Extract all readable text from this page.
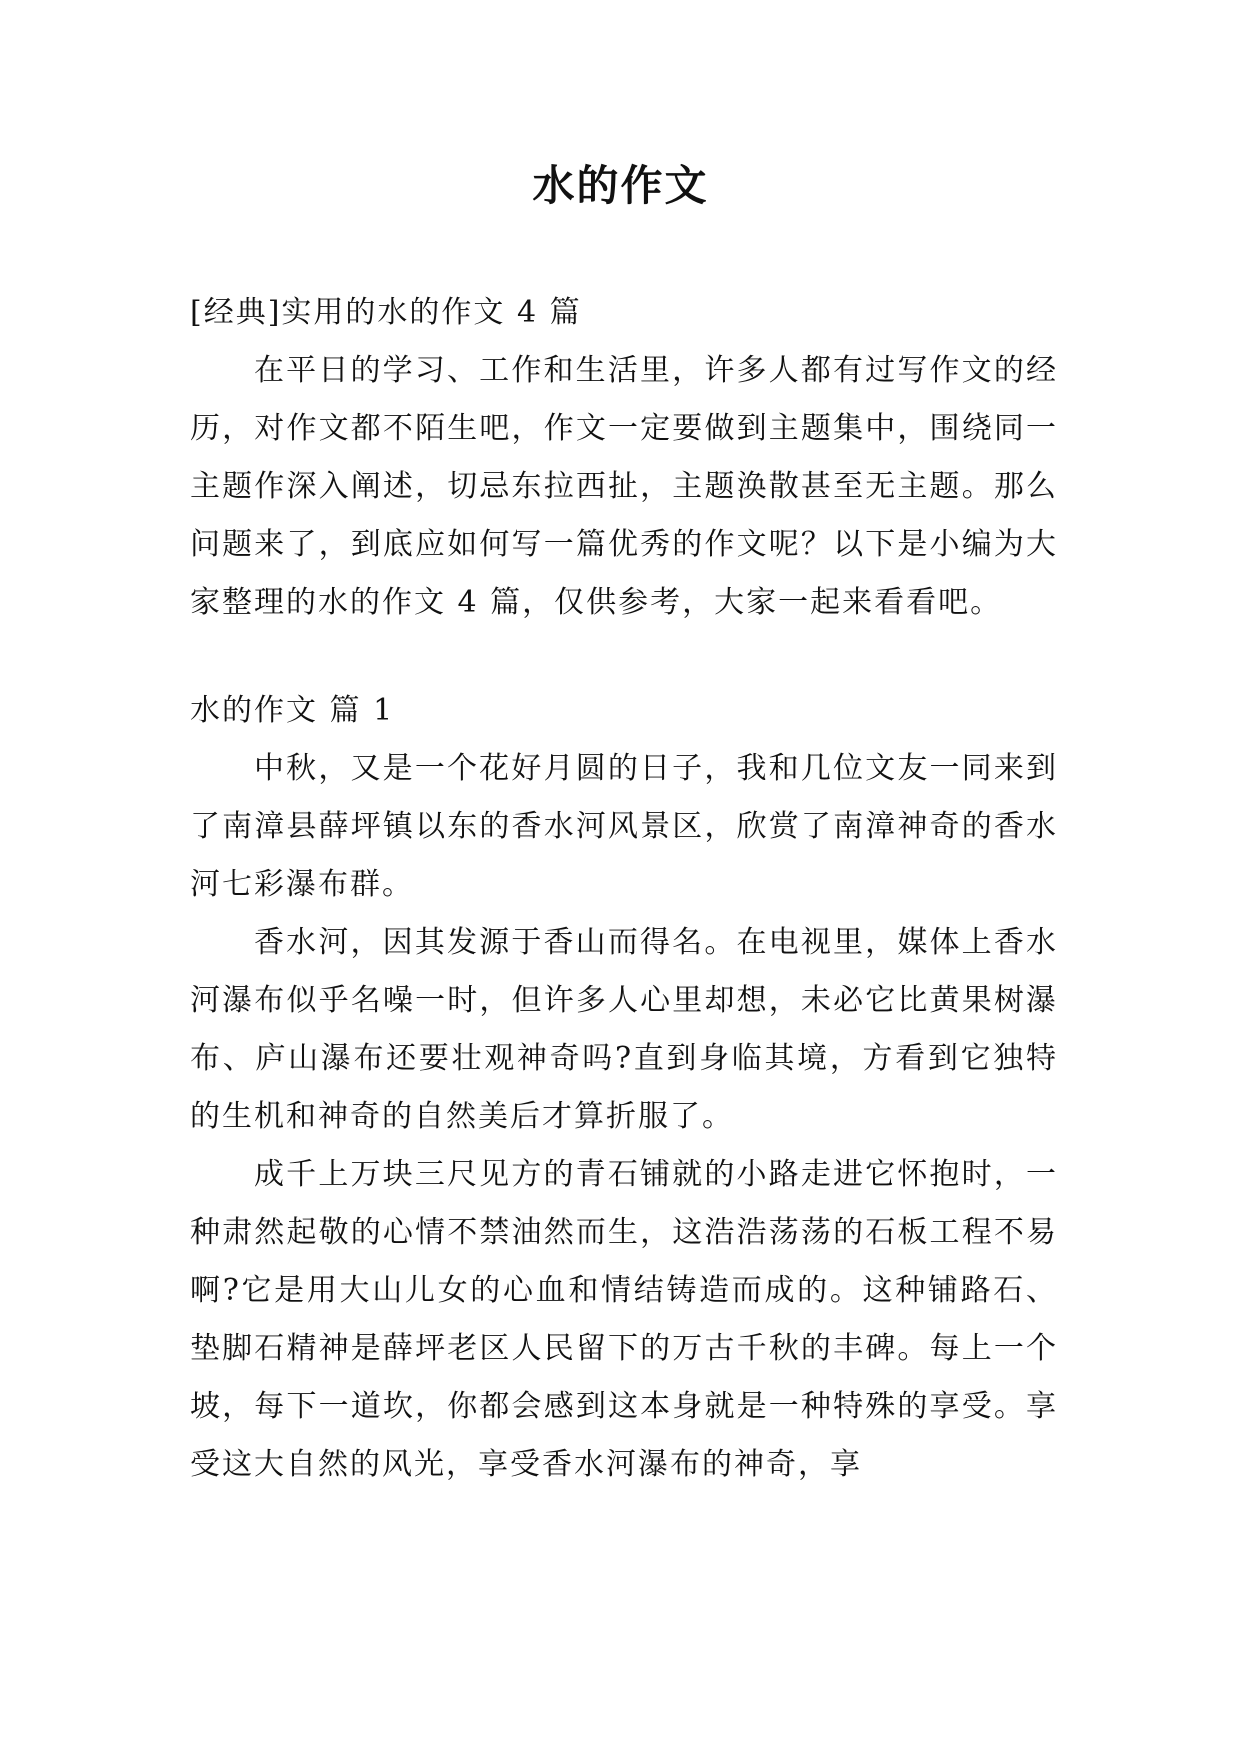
水的作文

[经典]实用的水的作文 4 篇

在平日的学习、工作和生活里，许多人都有过写作文的经历，对作文都不陌生吧，作文一定要做到主题集中，围绕同一主题作深入阐述，切忌东拉西扯，主题涣散甚至无主题。那么问题来了，到底应如何写一篇优秀的作文呢？以下是小编为大家整理的水的作文 4 篇，仅供参考，大家一起来看看吧。

水的作文 篇 1

中秋，又是一个花好月圆的日子，我和几位文友一同来到了南漳县薛坪镇以东的香水河风景区，欣赏了南漳神奇的香水河七彩瀑布群。

香水河，因其发源于香山而得名。在电视里，媒体上香水河瀑布似乎名噪一时，但许多人心里却想，未必它比黄果树瀑布、庐山瀑布还要壮观神奇吗?直到身临其境，方看到它独特的生机和神奇的自然美后才算折服了。

成千上万块三尺见方的青石铺就的小路走进它怀抱时，一种肃然起敬的心情不禁油然而生，这浩浩荡荡的石板工程不易啊?它是用大山儿女的心血和情结铸造而成的。这种铺路石、垫脚石精神是薛坪老区人民留下的万古千秋的丰碑。每上一个坡，每下一道坎，你都会感到这本身就是一种特殊的享受。享受这大自然的风光，享受香水河瀑布的神奇，享
